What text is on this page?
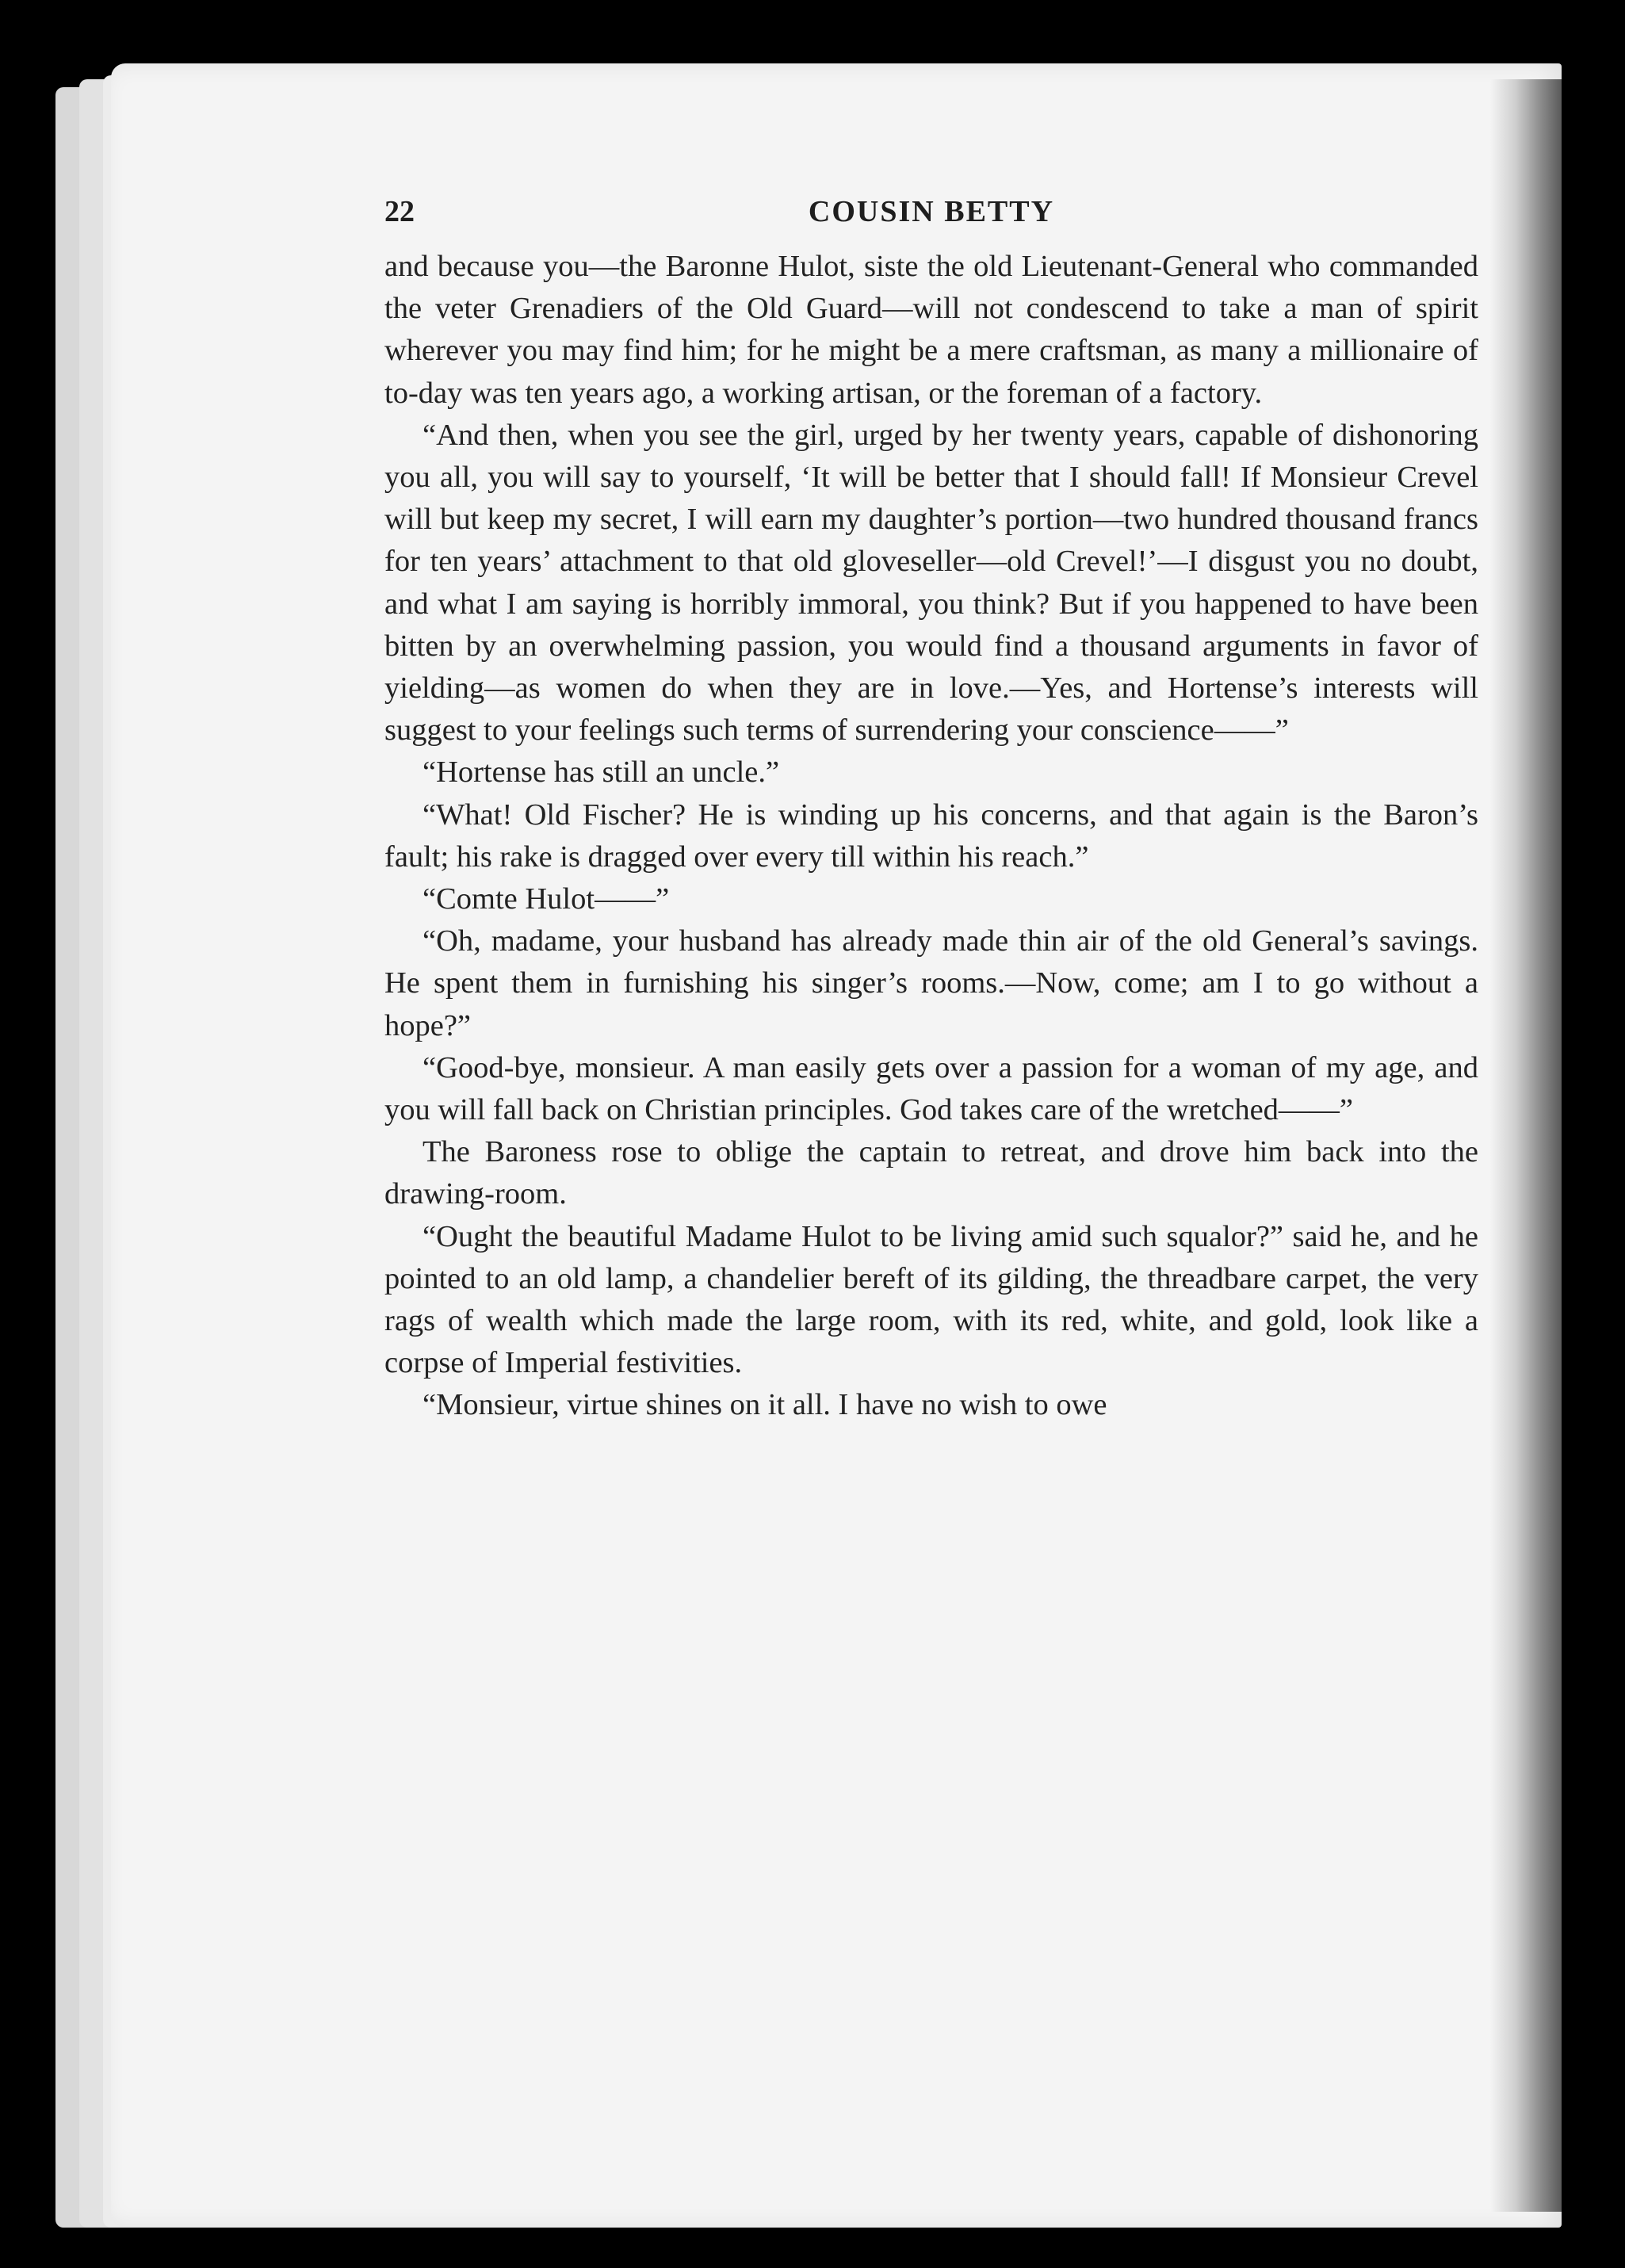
22	COUSIN BETTY

and because you—the Baronne Hulot, siste the old Lieutenant-General who commanded the veter Grenadiers of the Old Guard—will not condescend to take a man of spirit wherever you may find him; for he might be a mere craftsman, as many a millionaire of to-day was ten years ago, a working artisan, or the foreman of a factory.

“And then, when you see the girl, urged by her twenty years, capable of dishonoring you all, you will say to yourself, ‘It will be better that I should fall! If Monsieur Crevel will but keep my secret, I will earn my daughter’s portion—two hundred thousand francs for ten years’ attachment to that old gloveseller—old Crevel!’—I disgust you no doubt, and what I am saying is horribly immoral, you think? But if you happened to have been bitten by an overwhelming passion, you would find a thousand arguments in favor of yielding—as women do when they are in love.—Yes, and Hortense’s interests will suggest to your feelings such terms of surrendering your conscience——”

“Hortense has still an uncle.”

“What! Old Fischer? He is winding up his concerns, and that again is the Baron’s fault; his rake is dragged over every till within his reach.”

“Comte Hulot——”

“Oh, madame, your husband has already made thin air of the old General’s savings. He spent them in furnishing his singer’s rooms.—Now, come; am I to go without a hope?”

“Good-bye, monsieur. A man easily gets over a passion for a woman of my age, and you will fall back on Christian principles. God takes care of the wretched——”

The Baroness rose to oblige the captain to retreat, and drove him back into the drawing-room.

“Ought the beautiful Madame Hulot to be living amid such squalor?” said he, and he pointed to an old lamp, a chandelier bereft of its gilding, the threadbare carpet, the very rags of wealth which made the large room, with its red, white, and gold, look like a corpse of Imperial festivities.

“Monsieur, virtue shines on it all. I have no wish to owe
